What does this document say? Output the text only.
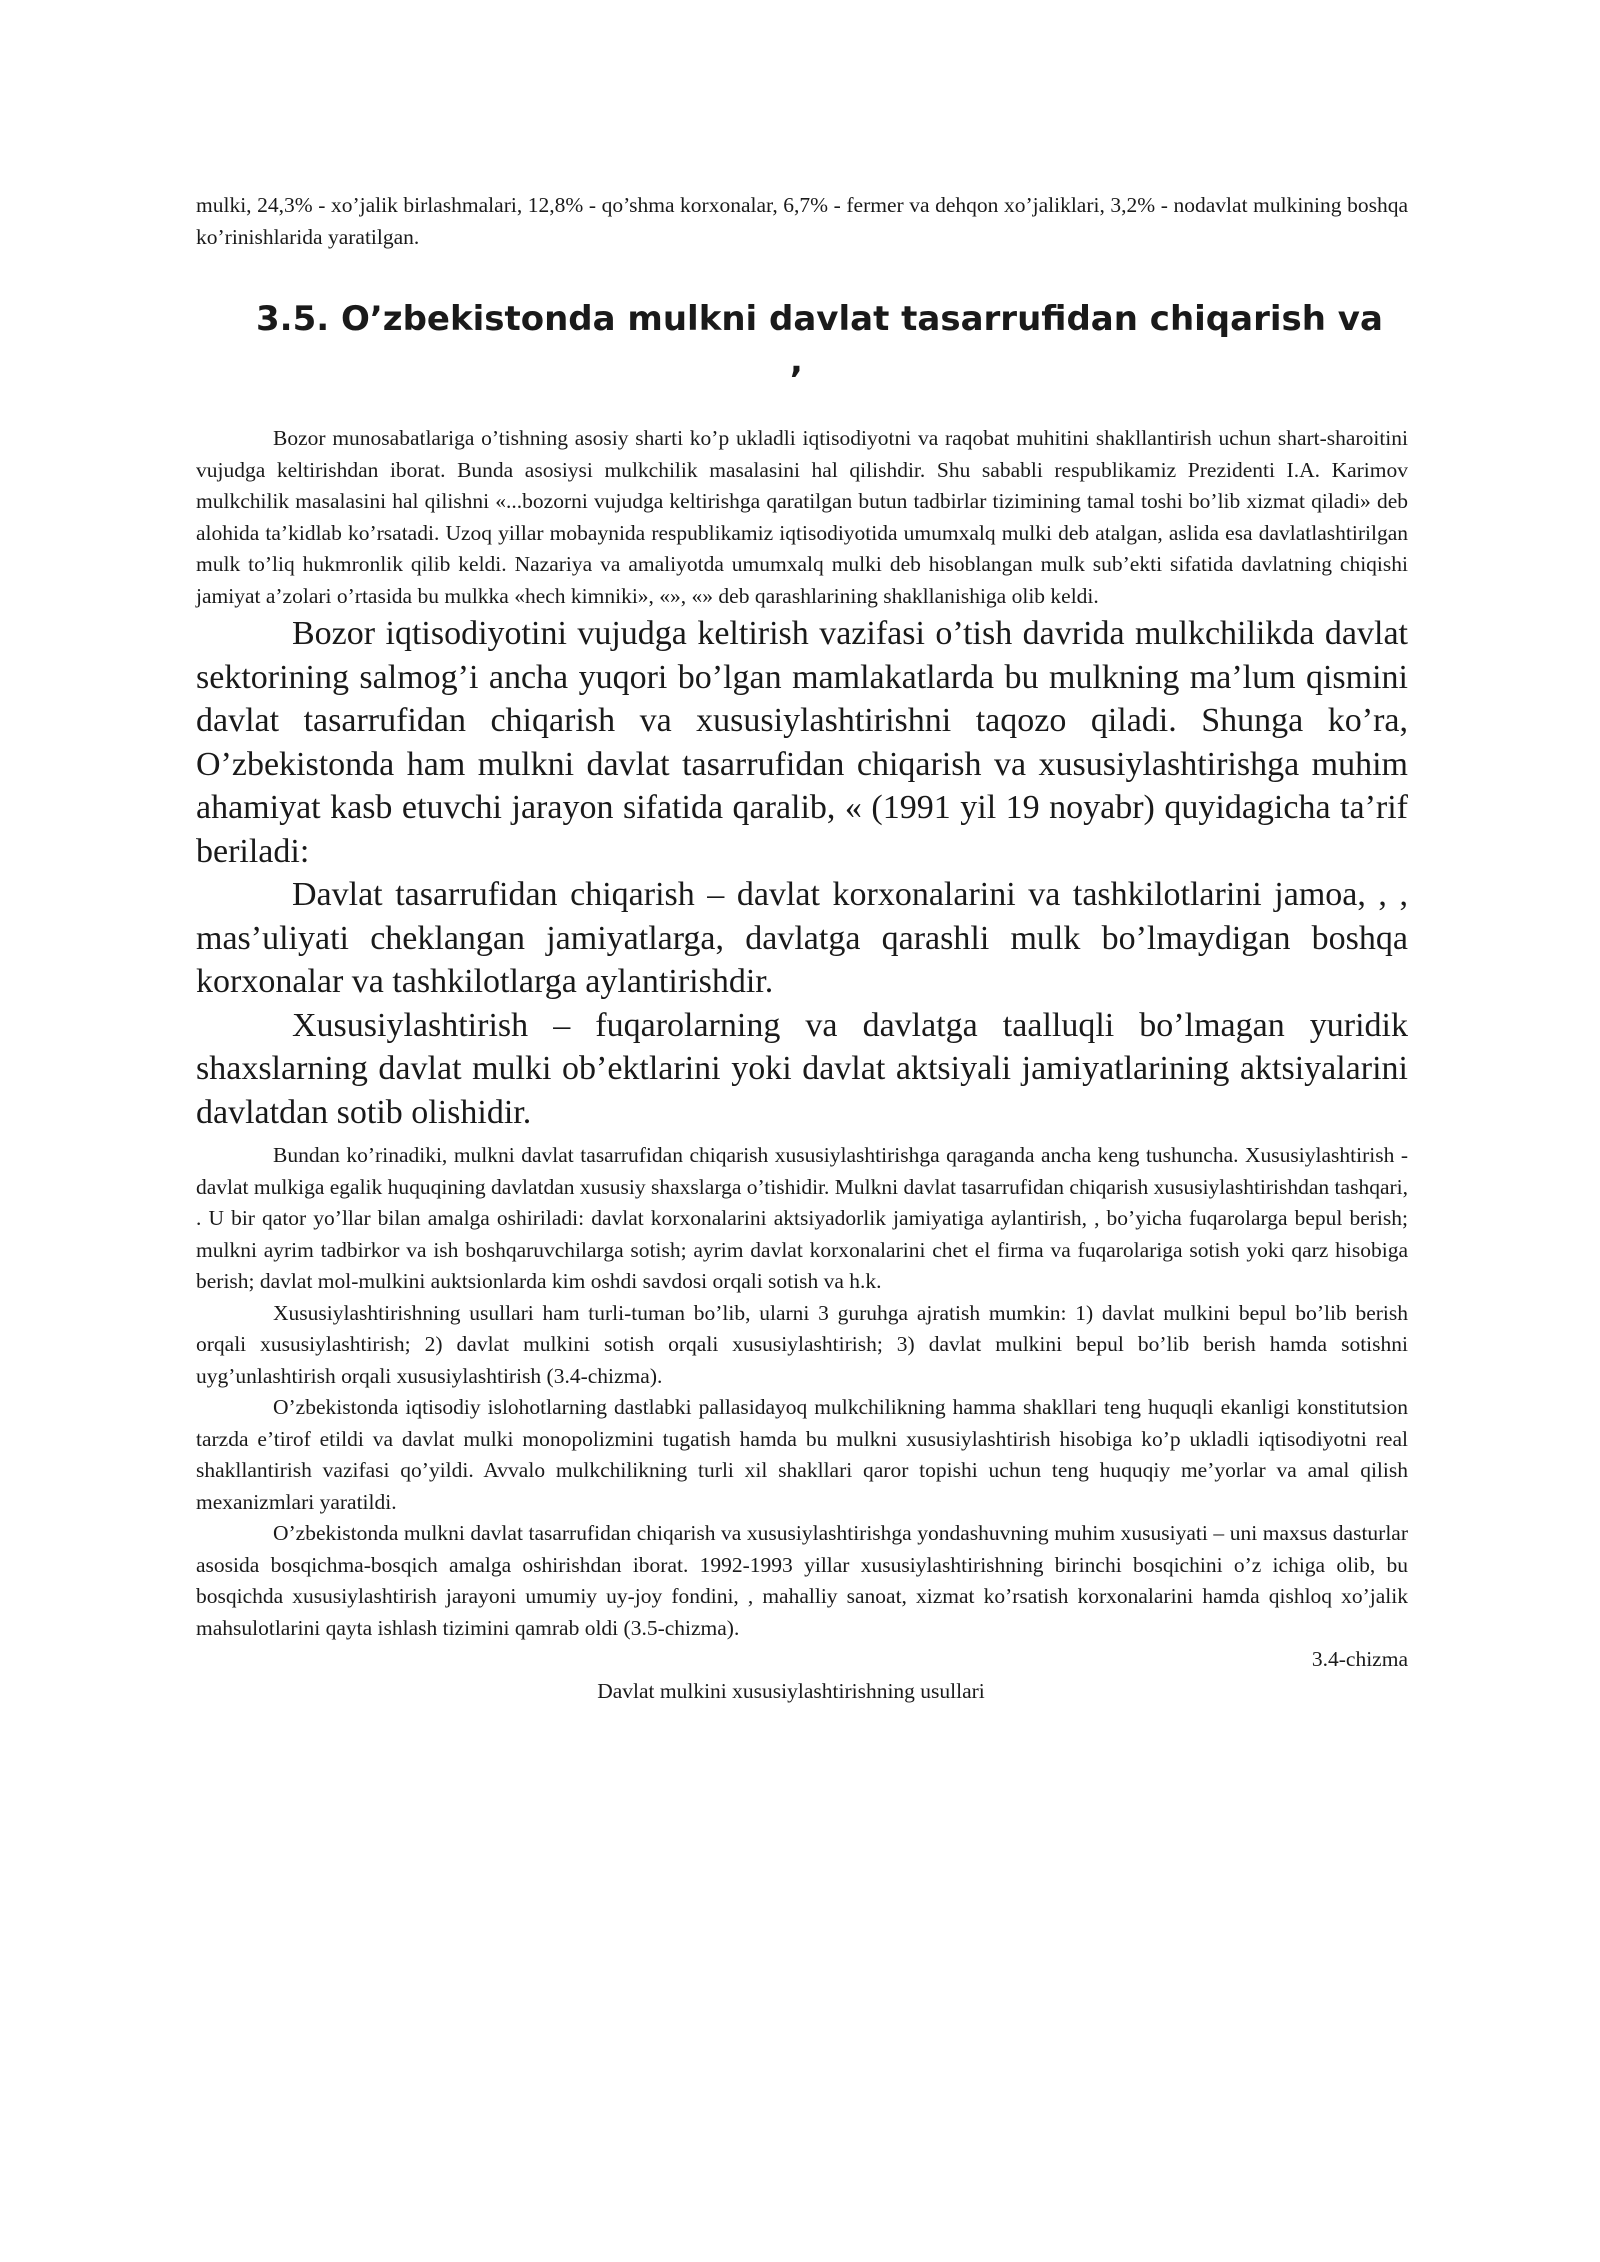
mulki, 24,3% - xo’jalik birlashmalari, 12,8% - qo’shma korxonalar, 6,7% - fermer va dehqon xo’jaliklari, 3,2% - nodavlat mulkining boshqa ko’rinishlarida yaratilgan.

3.5. O’zbekistonda mulkni davlat tasarrufidan chiqarish va
,

Bozor munosabatlariga o’tishning asosiy sharti ko’p ukladli iqtisodiyotni va raqobat muhitini shakllantirish uchun shart-sharoitini vujudga keltirishdan iborat. Bunda asosiysi mulkchilik masalasini hal qilishdir. Shu sababli respublikamiz Prezidenti I.A. Karimov mulkchilik masalasini hal qilishni «...bozorni vujudga keltirishga qaratilgan butun tadbirlar tizimining tamal toshi bo’lib xizmat qiladi» deb alohida ta’kidlab ko’rsatadi. Uzoq yillar mobaynida respublikamiz iqtisodiyotida umumxalq mulki deb atalgan, aslida esa davlatlashtirilgan mulk to’liq hukmronlik qilib keldi. Nazariya va amaliyotda umumxalq mulki deb hisoblangan mulk sub’ekti sifatida davlatning chiqishi jamiyat a’zolari o’rtasida bu mulkka «hech kimniki», «», «» deb qarashlarining shakllanishiga olib keldi.

Bozor iqtisodiyotini vujudga keltirish vazifasi o’tish davrida mulkchilikda davlat sektorining salmog’i ancha yuqori bo’lgan mamlakatlarda bu mulkning ma’lum qismini davlat tasarrufidan chiqarish va xususiylashtirishni taqozo qiladi. Shunga ko’ra, O’zbekistonda ham mulkni davlat tasarrufidan chiqarish va xususiylashtirishga muhim ahamiyat kasb etuvchi jarayon sifatida qaralib, « (1991 yil 19 noyabr) quyidagicha ta’rif beriladi:

Davlat tasarrufidan chiqarish – davlat korxonalarini va tashkilotlarini jamoa, , , mas’uliyati cheklangan jamiyatlarga, davlatga qarashli mulk bo’lmaydigan boshqa korxonalar va tashkilotlarga aylantirishdir.

Xususiylashtirish – fuqarolarning va davlatga taalluqli bo’lmagan yuridik shaxslarning davlat mulki ob’ektlarini yoki davlat aktsiyali jamiyatlarining aktsiyalarini davlatdan sotib olishidir.

Bundan ko’rinadiki, mulkni davlat tasarrufidan chiqarish xususiylashtirishga qaraganda ancha keng tushuncha. Xususiylashtirish - davlat mulkiga egalik huquqining davlatdan xususiy shaxslarga o’tishidir. Mulkni davlat tasarrufidan chiqarish xususiylashtirishdan tashqari, . U bir qator yo’llar bilan amalga oshiriladi: davlat korxonalarini aktsiyadorlik jamiyatiga aylantirish, , bo’yicha fuqarolarga bepul berish; mulkni ayrim tadbirkor va ish boshqaruvchilarga sotish; ayrim davlat korxonalarini chet el firma va fuqarolariga sotish yoki qarz hisobiga berish; davlat mol-mulkini auktsionlarda kim oshdi savdosi orqali sotish va h.k.

Xususiylashtirishning usullari ham turli-tuman bo’lib, ularni 3 guruhga ajratish mumkin: 1) davlat mulkini bepul bo’lib berish orqali xususiylashtirish; 2) davlat mulkini sotish orqali xususiylashtirish; 3) davlat mulkini bepul bo’lib berish hamda sotishni uyg’unlashtirish orqali xususiylashtirish (3.4-chizma).

O’zbekistonda iqtisodiy islohotlarning dastlabki pallasidayoq mulkchilikning hamma shakllari teng huquqli ekanligi konstitutsion tarzda e’tirof etildi va davlat mulki monopolizmini tugatish hamda bu mulkni xususiylashtirish hisobiga ko’p ukladli iqtisodiyotni real shakllantirish vazifasi qo’yildi. Avvalo mulkchilikning turli xil shakllari qaror topishi uchun teng huquqiy me’yorlar va amal qilish mexanizmlari yaratildi.

O’zbekistonda mulkni davlat tasarrufidan chiqarish va xususiylashtirishga yondashuvning muhim xususiyati – uni maxsus dasturlar asosida bosqichma-bosqich amalga oshirishdan iborat. 1992-1993 yillar xususiylashtirishning birinchi bosqichini o’z ichiga olib, bu bosqichda xususiylashtirish jarayoni umumiy uy-joy fondini, , mahalliy sanoat, xizmat ko’rsatish korxonalarini hamda qishloq xo’jalik mahsulotlarini qayta ishlash tizimini qamrab oldi (3.5-chizma).

3.4-chizma

Davlat mulkini xususiylashtirishning usullari
